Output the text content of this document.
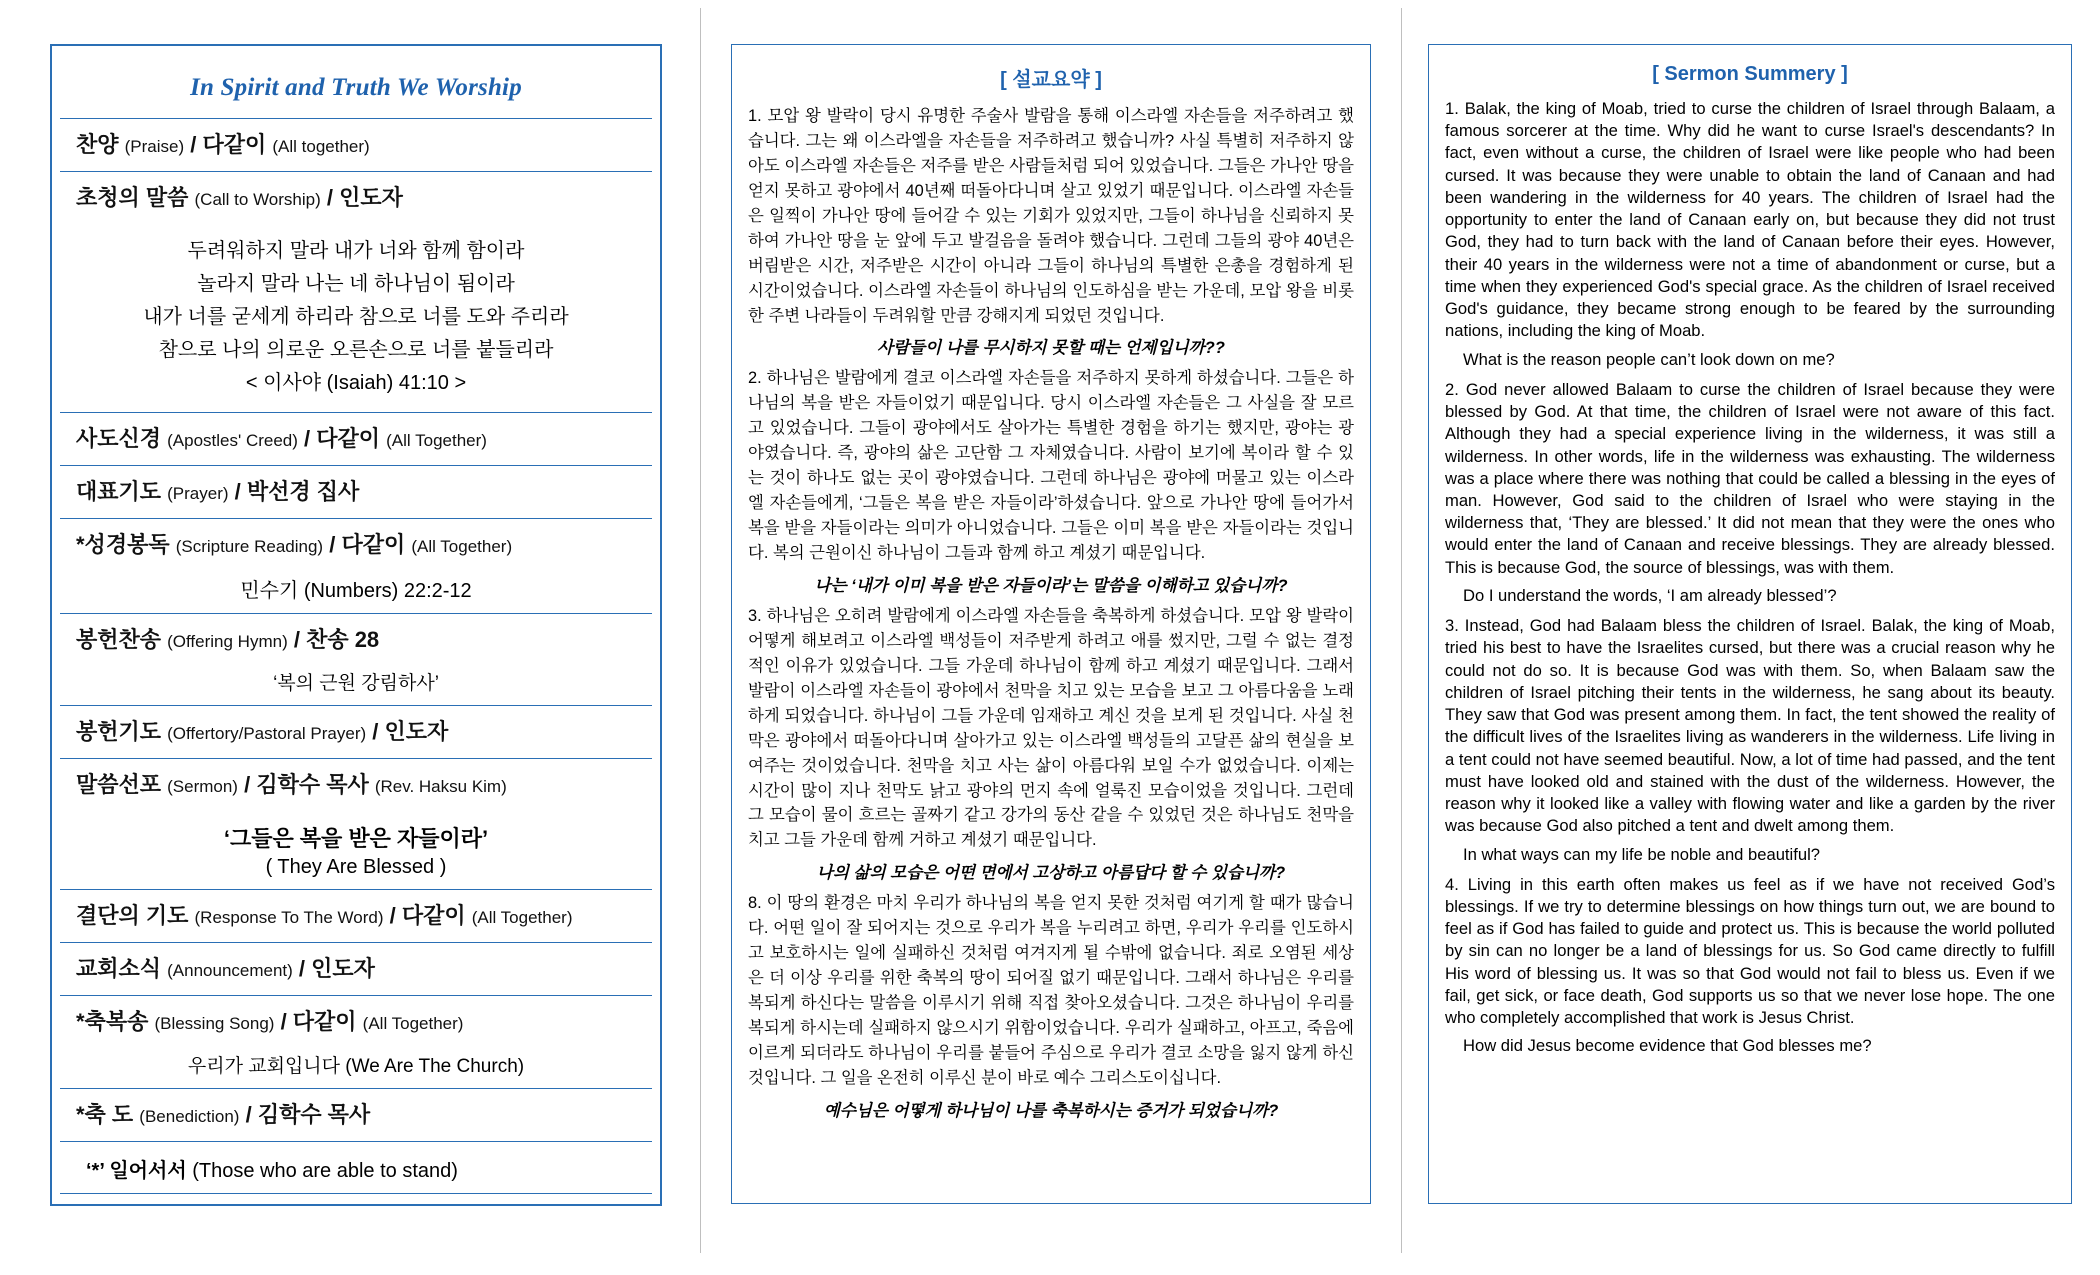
In Spirit and Truth We Worship
찬양 (Praise) / 다같이 (All together)
초청의 말씀 (Call to Worship) / 인도자
두려워하지 말라 내가 너와 함께 함이라
놀라지 말라 나는 네 하나님이 됨이라
내가 너를 굳세게 하리라 참으로 너를 도와 주리라
참으로 나의 의로운 오른손으로 너를 붙들리라
< 이사야 (Isaiah) 41:10 >
사도신경 (Apostles' Creed) / 다같이 (All Together)
대표기도 (Prayer) / 박선경 집사
*성경봉독 (Scripture Reading) / 다같이 (All Together)
민수기 (Numbers) 22:2-12
봉헌찬송 (Offering Hymn) / 찬송 28
‘복의 근원 강림하사’
봉헌기도 (Offertory/Pastoral Prayer) / 인도자
말씀선포 (Sermon) / 김학수 목사 (Rev. Haksu Kim)
‘그들은 복을 받은 자들이라’
( They Are Blessed )
결단의 기도 (Response To The Word) / 다같이 (All Together)
교회소식 (Announcement) / 인도자
*축복송 (Blessing Song) / 다같이 (All Together)
우리가 교회입니다 (We Are The Church)
*축 도 (Benediction) / 김학수 목사
‘*’ 일어서서 (Those who are able to stand)
[ 설교요약 ]

1. 모압 왕 발락이 당시 유명한 주술사 발람을 통해 이스라엘 자손들을 저주하려고 했습니다. 그는 왜 이스라엘을 자손들을 저주하려고 했습니까? 사실 특별히 저주하지 않아도 이스라엘 자손들은 저주를 받은 사람들처럼 되어 있었습니다. 그들은 가나안 땅을 얻지 못하고 광야에서 40년째 떠돌아다니며 살고 있었기 때문입니다. 이스라엘 자손들은 일찍이 가나안 땅에 들어갈 수 있는 기회가 있었지만, 그들이 하나님을 신뢰하지 못하여 가나안 땅을 눈 앞에 두고 발걸음을 돌려야 했습니다. 그런데 그들의 광야 40년은 버림받은 시간, 저주받은 시간이 아니라 그들이 하나님의 특별한 은총을 경험하게 된 시간이었습니다. 이스라엘 자손들이 하나님의 인도하심을 받는 가운데, 모압 왕을 비롯한 주변 나라들이 두려워할 만큼 강해지게 되었던 것입니다.

사람들이 나를 무시하지 못할 때는 언제입니까??

2. 하나님은 발람에게 결코 이스라엘 자손들을 저주하지 못하게 하셨습니다. 그들은 하나님의 복을 받은 자들이었기 때문입니다. 당시 이스라엘 자손들은 그 사실을 잘 모르고 있었습니다. 그들이 광야에서도 살아가는 특별한 경험을 하기는 했지만, 광야는 광야였습니다. 즉, 광야의 삶은 고단함 그 자체였습니다. 사람이 보기에 복이라 할 수 있는 것이 하나도 없는 곳이 광야였습니다. 그런데 하나님은 광야에 머물고 있는 이스라엘 자손들에게, ‘그들은 복을 받은 자들이라’하셨습니다. 앞으로 가나안 땅에 들어가서 복을 받을 자들이라는 의미가 아니었습니다. 그들은 이미 복을 받은 자들이라는 것입니다. 복의 근원이신 하나님이 그들과 함께 하고 계셨기 때문입니다.

나는 ‘내가 이미 복을 받은 자들이라’는 말씀을 이해하고 있습니까?

3. 하나님은 오히려 발람에게 이스라엘 자손들을 축복하게 하셨습니다. 모압 왕 발락이 어떻게 해보려고 이스라엘 백성들이 저주받게 하려고 애를 썼지만, 그럴 수 없는 결정적인 이유가 있었습니다. 그들 가운데 하나님이 함께 하고 계셨기 때문입니다. 그래서 발람이 이스라엘 자손들이 광야에서 천막을 치고 있는 모습을 보고 그 아름다움을 노래하게 되었습니다. 하나님이 그들 가운데 임재하고 계신 것을 보게 된 것입니다. 사실 천막은 광야에서 떠돌아다니며 살아가고 있는 이스라엘 백성들의 고달픈 삶의 현실을 보여주는 것이었습니다. 천막을 치고 사는 삶이 아름다워 보일 수가 없었습니다. 이제는 시간이 많이 지나 천막도 낡고 광야의 먼지 속에 얼룩진 모습이었을 것입니다. 그런데 그 모습이 물이 흐르는 골짜기 같고 강가의 동산 같을 수 있었던 것은 하나님도 천막을 치고 그들 가운데 함께 거하고 계셨기 때문입니다.

나의 삶의 모습은 어떤 면에서 고상하고 아름답다 할 수 있습니까?

8. 이 땅의 환경은 마치 우리가 하나님의 복을 얻지 못한 것처럼 여기게 할 때가 많습니다. 어떤 일이 잘 되어지는 것으로 우리가 복을 누리려고 하면, 우리가 우리를 인도하시고 보호하시는 일에 실패하신 것처럼 여겨지게 될 수밖에 없습니다. 죄로 오염된 세상은 더 이상 우리를 위한 축복의 땅이 되어질 없기 때문입니다. 그래서 하나님은 우리를 복되게 하신다는 말씀을 이루시기 위해 직접 찾아오셨습니다. 그것은 하나님이 우리를 복되게 하시는데 실패하지 않으시기 위함이었습니다. 우리가 실패하고, 아프고, 죽음에 이르게 되더라도 하나님이 우리를 붙들어 주심으로 우리가 결코 소망을 잃지 않게 하신 것입니다. 그 일을 온전히 이루신 분이 바로 예수 그리스도이십니다.

예수님은 어떻게 하나님이 나를 축복하시는 증거가 되었습니까?

[ Sermon Summery ]

1. Balak, the king of Moab, tried to curse the children of Israel through Balaam, a famous sorcerer at the time. Why did he want to curse Israel's descendants? In fact, even without a curse, the children of Israel were like people who had been cursed. It was because they were unable to obtain the land of Canaan and had been wandering in the wilderness for 40 years. The children of Israel had the opportunity to enter the land of Canaan early on, but because they did not trust God, they had to turn back with the land of Canaan before their eyes. However, their 40 years in the wilderness were not a time of abandonment or curse, but a time when they experienced God's special grace. As the children of Israel received God's guidance, they became strong enough to be feared by the surrounding nations, including the king of Moab.

What is the reason people can’t look down on me?

2. God never allowed Balaam to curse the children of Israel because they were blessed by God. At that time, the children of Israel were not aware of this fact. Although they had a special experience living in the wilderness, it was still a wilderness. In other words, life in the wilderness was exhausting. The wilderness was a place where there was nothing that could be called a blessing in the eyes of man. However, God said to the children of Israel who were staying in the wilderness that, ‘They are blessed.’ It did not mean that they were the ones who would enter the land of Canaan and receive blessings. They are already blessed. This is because God, the source of blessings, was with them.

Do I understand the words, ‘I am already blessed’?

3. Instead, God had Balaam bless the children of Israel. Balak, the king of Moab, tried his best to have the Israelites cursed, but there was a crucial reason why he could not do so. It is because God was with them. So, when Balaam saw the children of Israel pitching their tents in the wilderness, he sang about its beauty. They saw that God was present among them. In fact, the tent showed the reality of the difficult lives of the Israelites living as wanderers in the wilderness. Life living in a tent could not have seemed beautiful. Now, a lot of time had passed, and the tent must have looked old and stained with the dust of the wilderness. However, the reason why it looked like a valley with flowing water and like a garden by the river was because God also pitched a tent and dwelt among them.

In what ways can my life be noble and beautiful?

4. Living in this earth often makes us feel as if we have not received God’s blessings. If we try to determine blessings on how things turn out, we are bound to feel as if God has failed to guide and protect us. This is because the world polluted by sin can no longer be a land of blessings for us. So God came directly to fulfill His word of blessing us. It was so that God would not fail to bless us. Even if we fail, get sick, or face death, God supports us so that we never lose hope. The one who completely accomplished that work is Jesus Christ.

How did Jesus become evidence that God blesses me?
